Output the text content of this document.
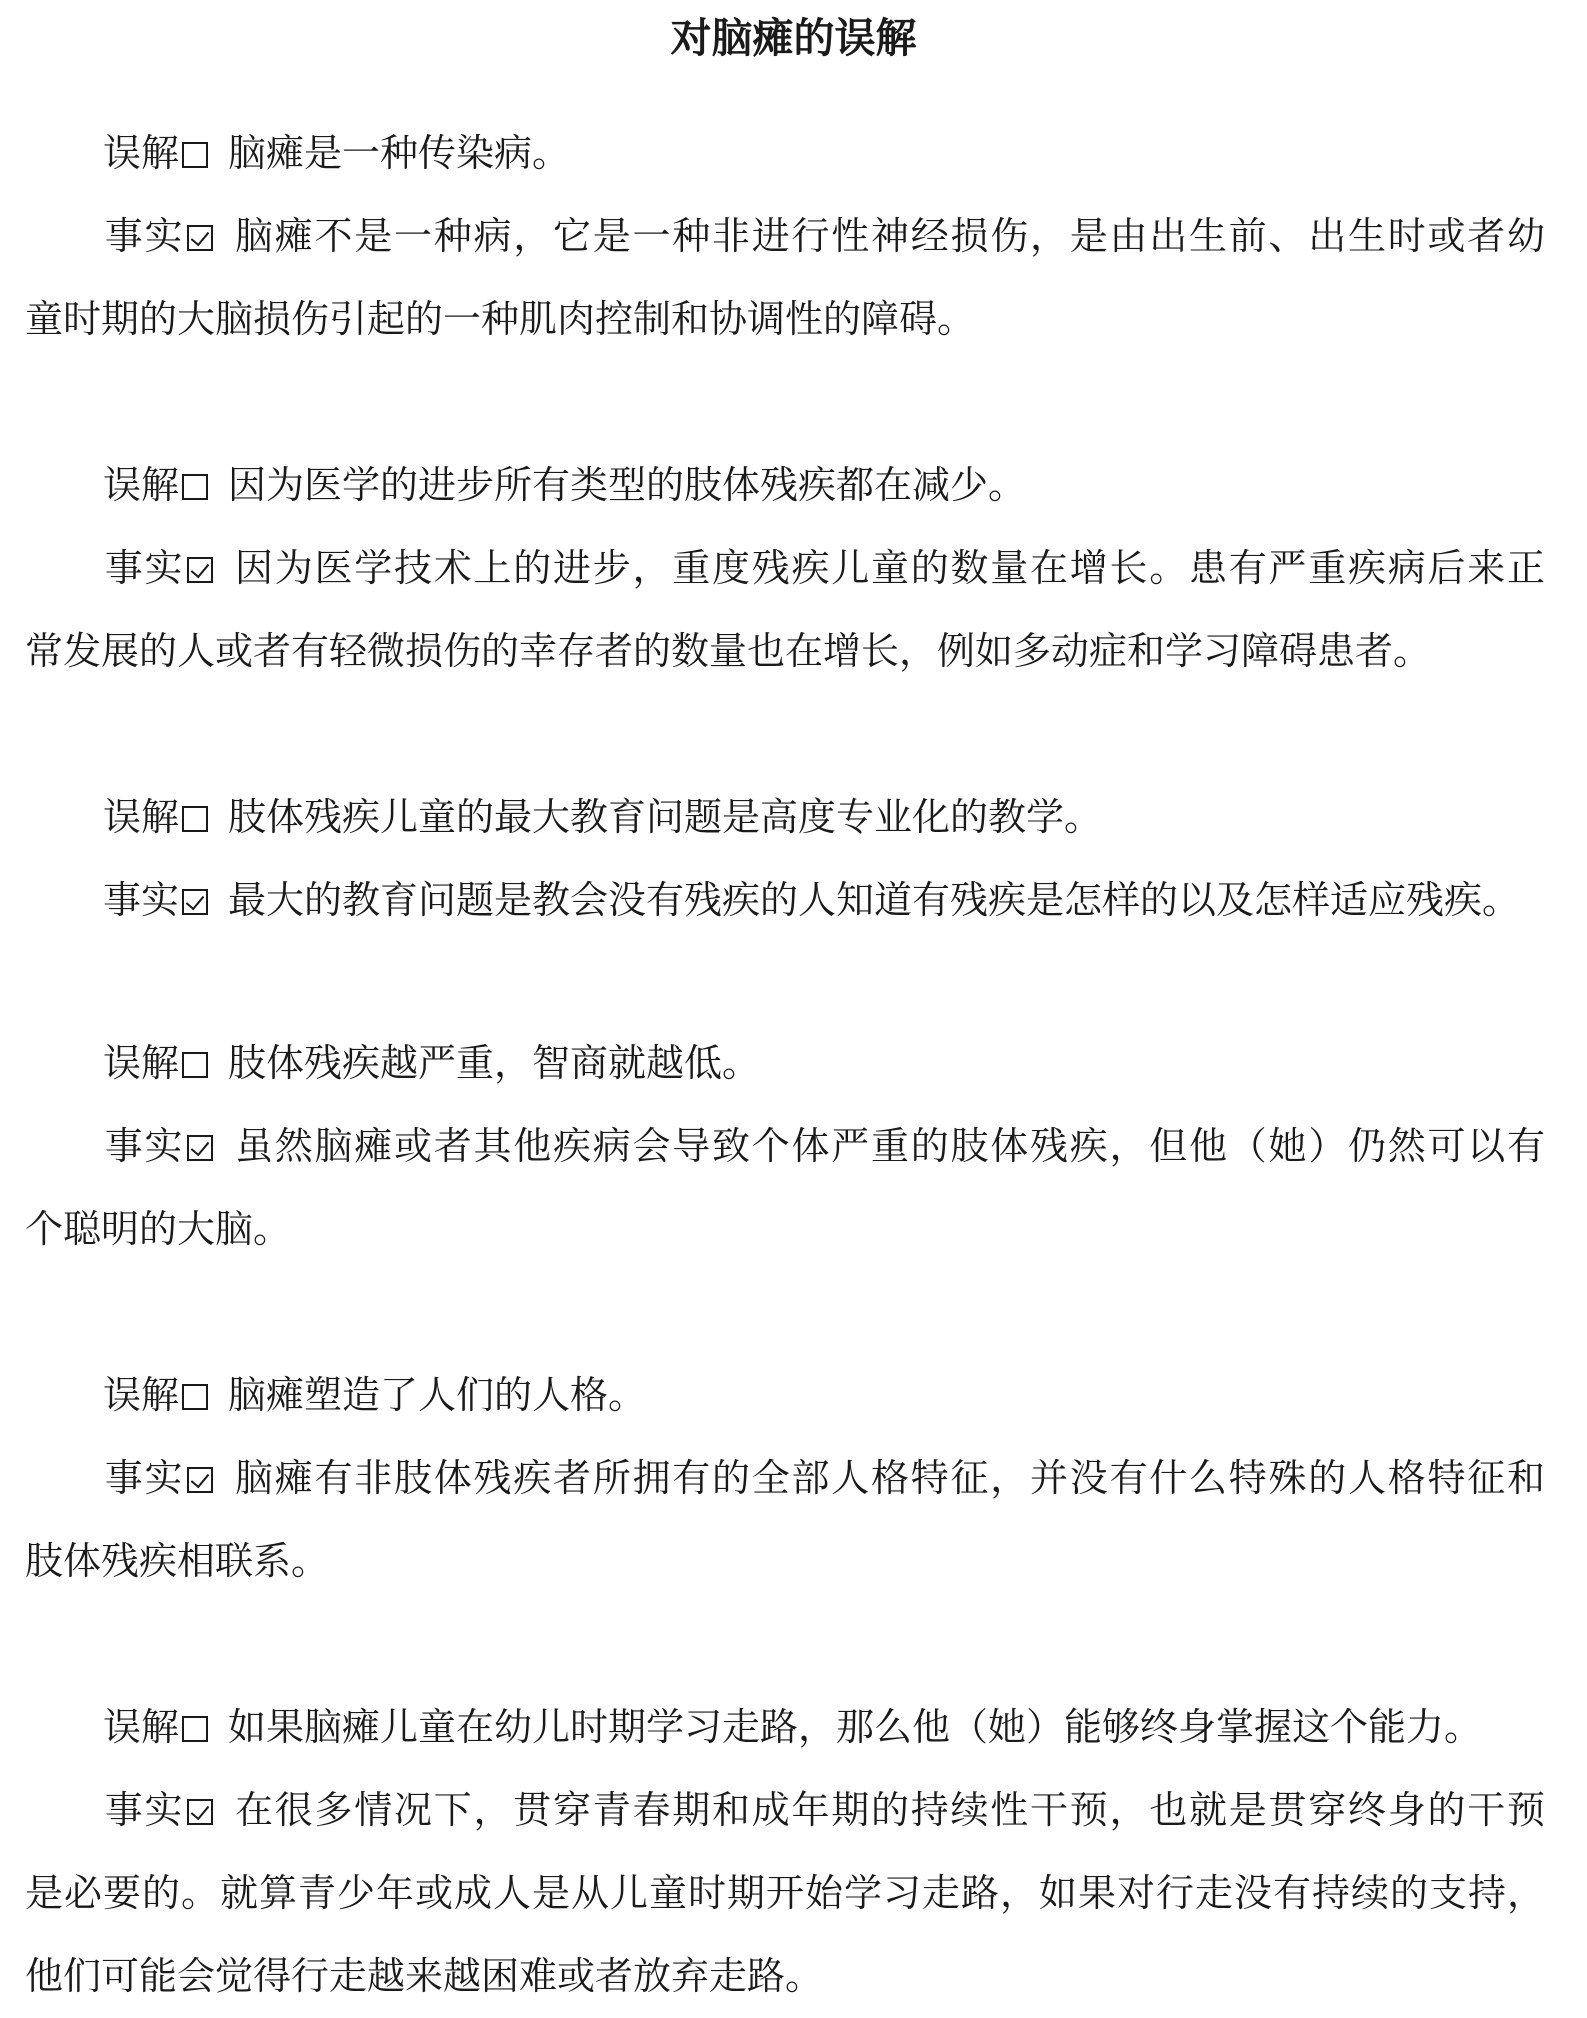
对脑瘫的误解
误解 脑瘫是一种传染病。
事实 脑瘫不是一种病，它是一种非进行性神经损伤，是由出生前、出生时或者幼
童时期的大脑损伤引起的一种肌肉控制和协调性的障碍。
误解 因为医学的进步所有类型的肢体残疾都在减少。
事实 因为医学技术上的进步，重度残疾儿童的数量在增长。患有严重疾病后来正
常发展的人或者有轻微损伤的幸存者的数量也在增长，例如多动症和学习障碍患者。
误解 肢体残疾儿童的最大教育问题是高度专业化的教学。
事实 最大的教育问题是教会没有残疾的人知道有残疾是怎样的以及怎样适应残疾。
误解 肢体残疾越严重，智商就越低。
事实 虽然脑瘫或者其他疾病会导致个体严重的肢体残疾，但他（她）仍然可以有
个聪明的大脑。
误解 脑瘫塑造了人们的人格。
事实 脑瘫有非肢体残疾者所拥有的全部人格特征，并没有什么特殊的人格特征和
肢体残疾相联系。
误解 如果脑瘫儿童在幼儿时期学习走路，那么他（她）能够终身掌握这个能力。
事实 在很多情况下，贯穿青春期和成年期的持续性干预，也就是贯穿终身的干预
是必要的。就算青少年或成人是从儿童时期开始学习走路，如果对行走没有持续的支持，
他们可能会觉得行走越来越困难或者放弃走路。
